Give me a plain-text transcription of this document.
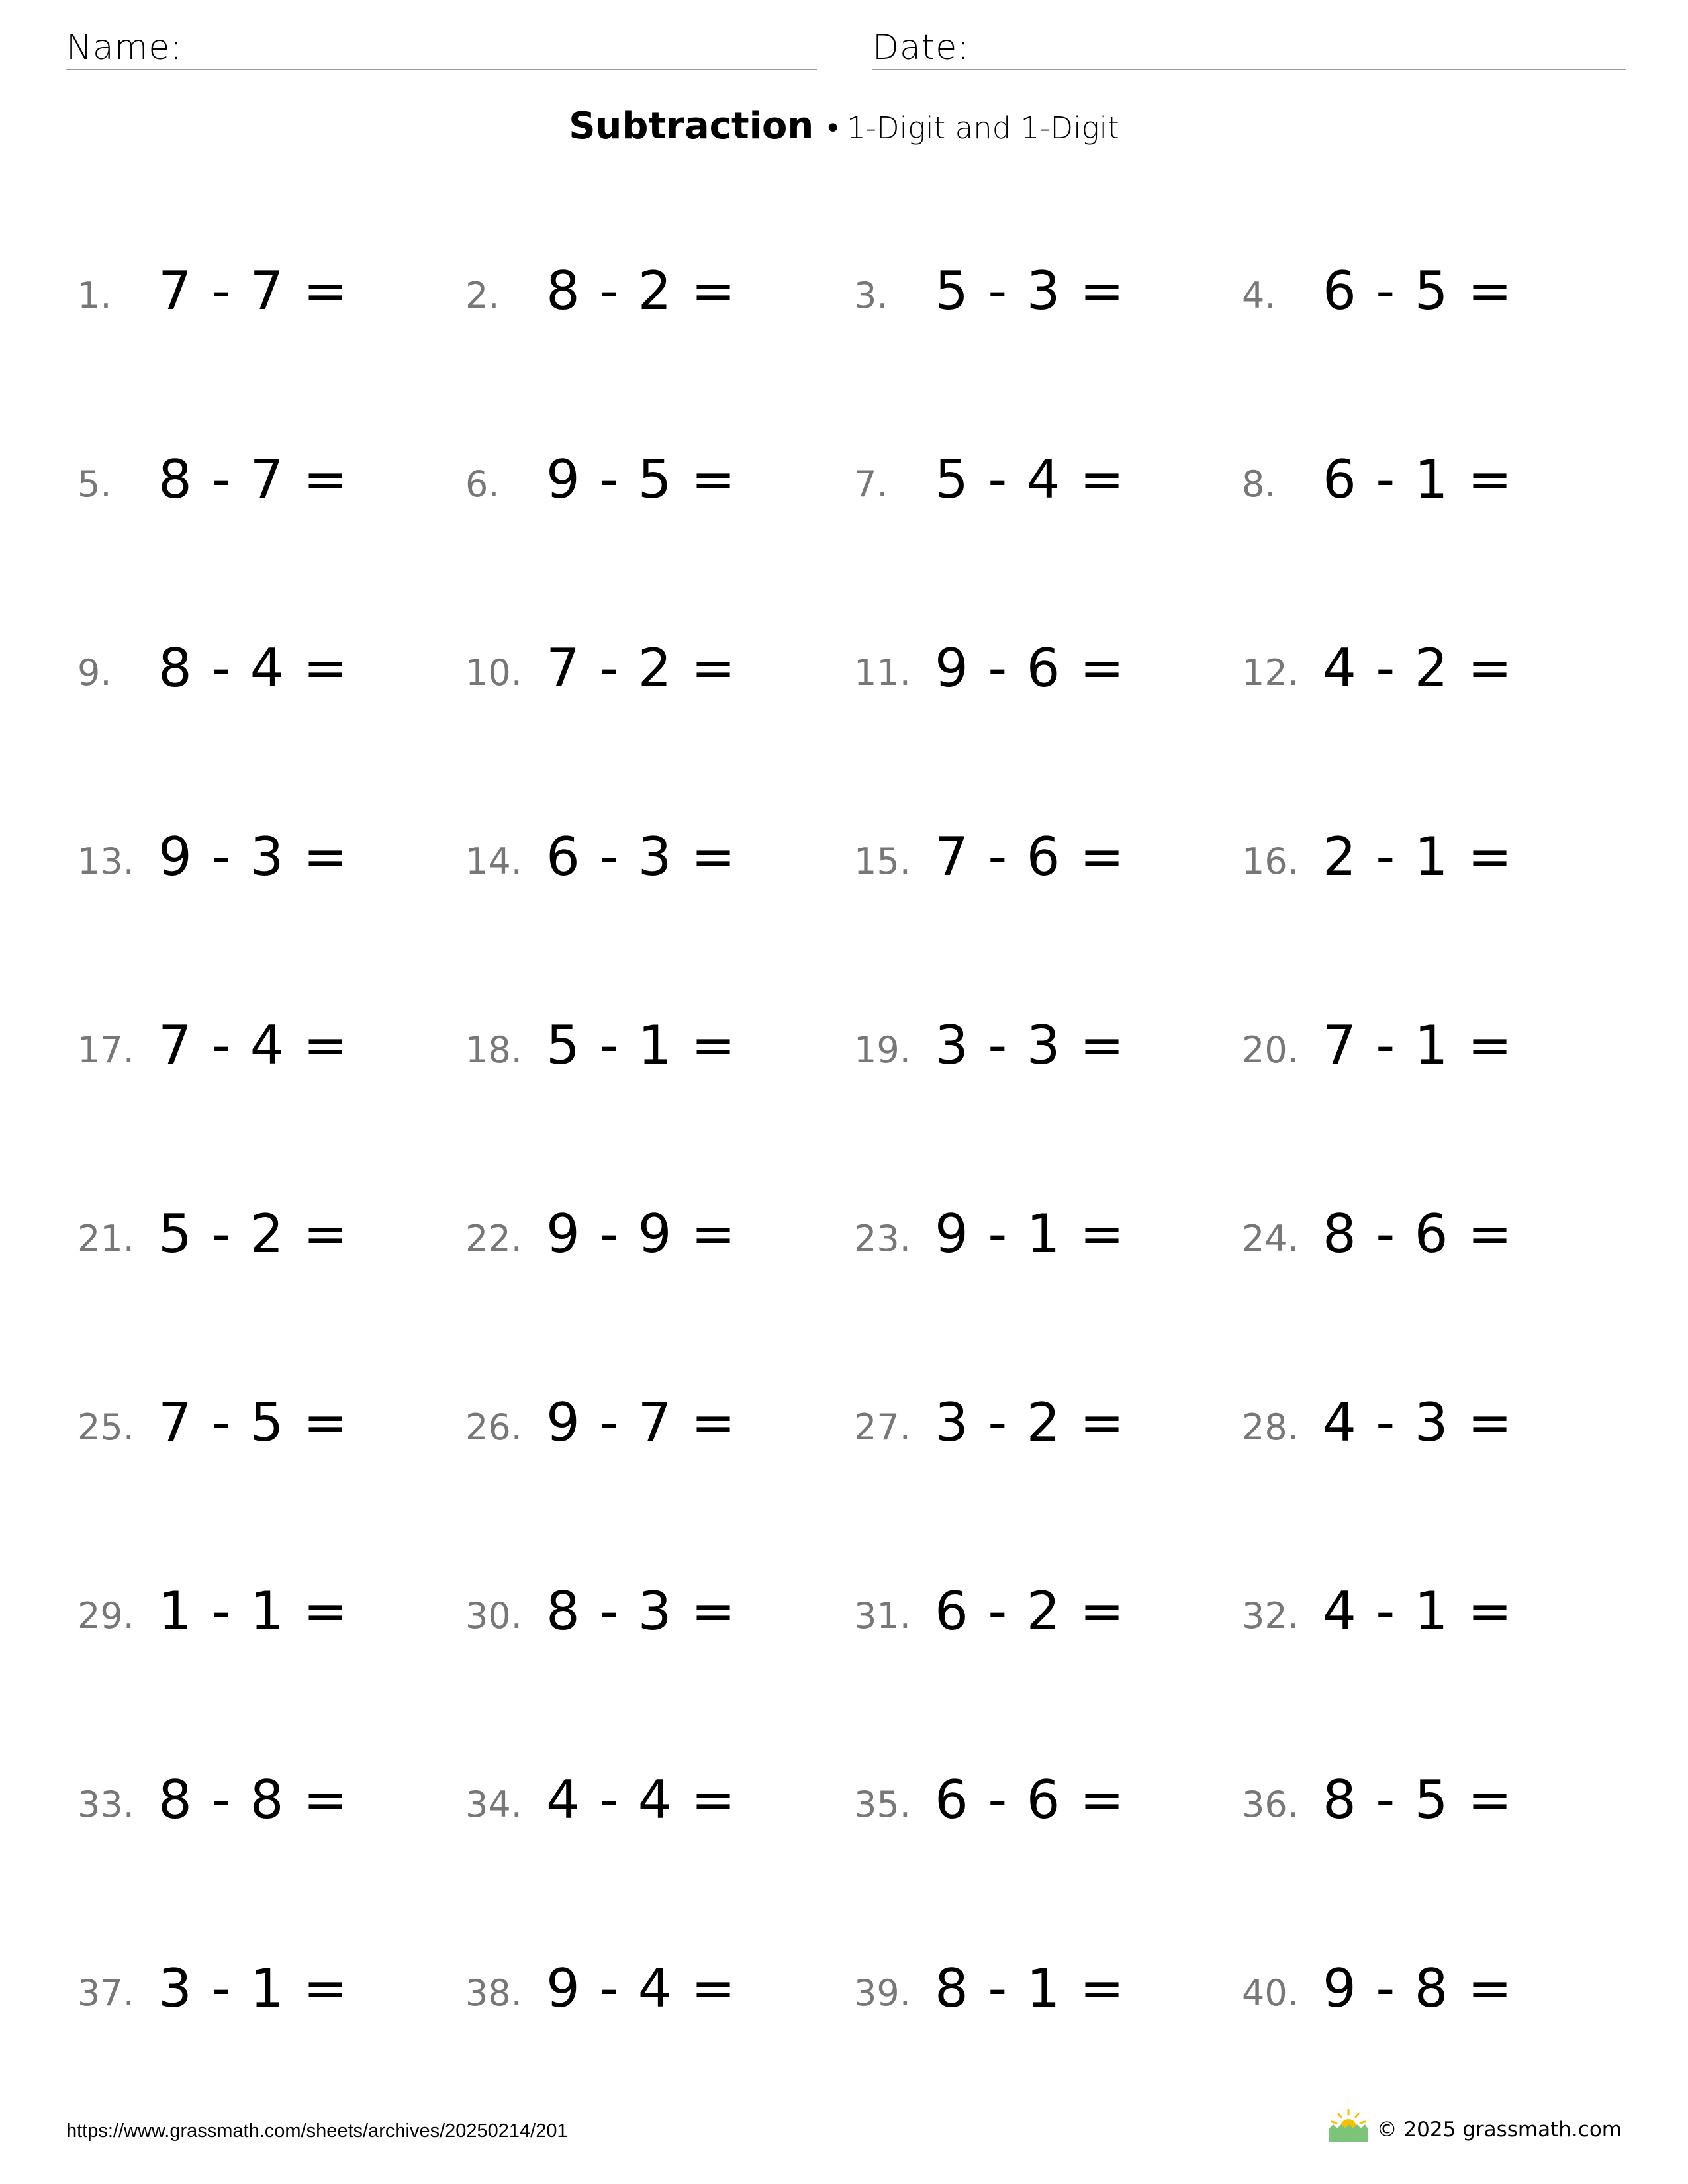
Name:	Date:
Subtraction • 1-Digit and 1-Digit
1. 7 - 7 =	2. 8 - 2 =	3. 5 - 3 =	4. 6 - 5 =
5. 8 - 7 =	6. 9 - 5 =	7. 5 - 4 =	8. 6 - 1 =
9. 8 - 4 =	10. 7 - 2 =	11. 9 - 6 =	12. 4 - 2 =
13. 9 - 3 =	14. 6 - 3 =	15. 7 - 6 =	16. 2 - 1 =
17. 7 - 4 =	18. 5 - 1 =	19. 3 - 3 =	20. 7 - 1 =
21. 5 - 2 =	22. 9 - 9 =	23. 9 - 1 =	24. 8 - 6 =
25. 7 - 5 =	26. 9 - 7 =	27. 3 - 2 =	28. 4 - 3 =
29. 1 - 1 =	30. 8 - 3 =	31. 6 - 2 =	32. 4 - 1 =
33. 8 - 8 =	34. 4 - 4 =	35. 6 - 6 =	36. 8 - 5 =
37. 3 - 1 =	38. 9 - 4 =	39. 8 - 1 =	40. 9 - 8 =
https://www.grassmath.com/sheets/archives/20250214/201	© 2025 grassmath.com
